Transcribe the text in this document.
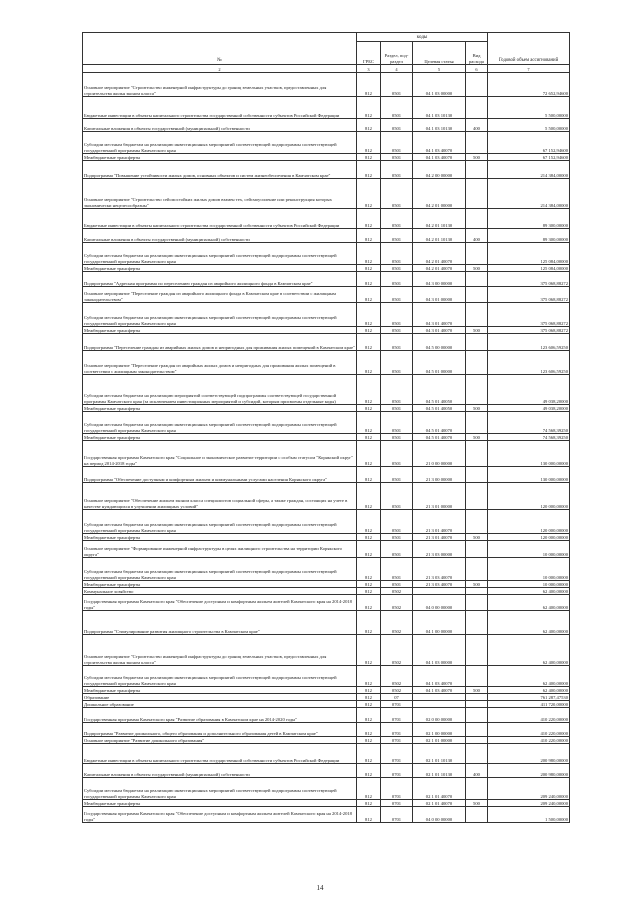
№	коды				Годовой объем ассигнований
	ГРБС	Раздел, под-
раздел	Целевая статья	Вид расхода	
2	3	4	5	6	7
Основное мероприятие "Строительство инженерной инфраструктуры до границ земельных участков, предоставленных для строительства жилья эконом класса"	812	0501	04 1 03 00000		72 652,94600
Бюджетные инвестиции в объекты капитального строительства государственной собственности субъектов Российской Федерации	812	0501	04 1 03 10130		5 500,00000
Капитальные вложения в объекты государственной (муниципальной) собственности	812	0501	04 1 03 10130	400	5 500,00000
Субсидии местным бюджетам на реализацию инвестиционных мероприятий соответствующей подпрограммы соответствующей государственной программы Камчатского края	812	0501	04 1 03 40070		67 152,94600
Межбюджетные трансферты	812	0501	04 1 03 40070	500	67 152,94600
Подпрограмма "Повышение устойчивости жилых домов, основных объектов и систем жизнеобеспечения в Камчатском крае"	812	0501	04 2 00 00000		214 384,00000
Основное мероприятие "Строительство сейсмостойких жилых домов взамен тех, сейсмоусиление или реконструкция которых экономически нецелесообразны"	812	0501	04 2 01 00000		214 384,00000
Бюджетные инвестиции в объекты капитального строительства государственной собственности субъектов Российской Федерации	812	0501	04 2 01 10130		89 300,00000
Капитальные вложения в объекты государственной (муниципальной) собственности	812	0501	04 2 01 10130	400	89 300,00000
Субсидии местным бюджетам на реализацию инвестиционных мероприятий соответствующей подпрограммы соответствующей государственной программы Камчатского края	812	0501	04 2 01 40070		125 084,00000
Межбюджетные трансферты	812	0501	04 2 01 40070	500	125 084,00000
Подпрограмма "Адресная программа по переселению граждан из аварийного жилищного фонда в Камчатском крае"	812	0501	04 3 00 00000		375 068,88272
Основное мероприятие "Переселение граждан из аварийного жилищного фонда в Камчатском крае в соответствии с жилищным законодательством"	812	0501	04 3 01 00000		375 068,88272
Субсидии местным бюджетам на реализацию инвестиционных мероприятий соответствующей подпрограммы соответствующей государственной программы Камчатского края	812	0501	04 3 01 40070		375 068,88272
Межбюджетные трансферты	812	0501	04 3 01 40070	500	375 068,88272
Подпрограмма "Переселение граждан из аварийных жилых домов и непригодных для проживания жилых помещений в Камчатском крае"	812	0501	04 5 00 00000		123 606,59250
Основное мероприятие "Переселение граждан из аварийных жилых домов и непригодных для проживания жилых помещений в соответствии с жилищным законодательством"	812	0501	04 5 01 00000		123 606,59250
Субсидии местным бюджетам на реализацию мероприятий соответствующей подпрограммы соответствующей государственной программы Камчатского края (за исключением инвестиционных мероприятий и субсидий, которым присвоены отдельные коды)	812	0501	04 5 01 40050		49 038,20000
Межбюджетные трансферты	812	0501	04 5 01 40050	500	49 038,20000
Субсидии местным бюджетам на реализацию инвестиционных мероприятий соответствующей подпрограммы соответствующей государственной программы Камчатского края	812	0501	04 5 01 40070		74 568,39250
Межбюджетные трансферты	812	0501	04 5 01 40070	500	74 568,39250
Государственная программа Камчатского края "Социальное и экономическое развитие территории с особым статусом "Корякский округ" на период 2014-2018 годы"	812	0501	21 0 00 00000		130 000,00000
Подпрограмма "Обеспечение доступным и комфортным жильем и коммунальными услугами населения Корякского округа"	812	0501	21 3 00 00000		130 000,00000
Основное мероприятие "Обеспечение жильем эконом класса специалистов социальной сферы, а также граждан, состоящих на учете в качестве нуждающихся в улучшении жилищных условий"	812	0501	21 3 01 00000		120 000,00000
Субсидии местным бюджетам на реализацию инвестиционных мероприятий соответствующей подпрограммы соответствующей государственной программы Камчатского края	812	0501	21 3 01 40070		120 000,00000
Межбюджетные трансферты	812	0501	21 3 01 40070	500	120 000,00000
Основное мероприятие "Формирование инженерной инфраструктуры в целях жилищного строительства на территории Корякского округа"	812	0501	21 3 03 00000		10 000,00000
Субсидии местным бюджетам на реализацию инвестиционных мероприятий соответствующей подпрограммы соответствующей государственной программы Камчатского края	812	0501	21 3 03 40070		10 000,00000
Межбюджетные трансферты	812	0501	21 3 03 40070	500	10 000,00000
Коммунальное хозяйство	812	0502			62 400,00000
Государственная программа Камчатского края "Обеспечение доступным и комфортным жильем жителей Камчатского края на 2014-2018 годы"	812	0502	04 0 00 00000		62 400,00000
Подпрограмма "Стимулирование развития жилищного строительства в Камчатском крае"	812	0502	04 1 00 00000		62 400,00000
Основное мероприятие "Строительство инженерной инфраструктуры до границ земельных участков, предоставленных для строительства жилья эконом класса"	812	0502	04 1 03 00000		62 400,00000
Субсидии местным бюджетам на реализацию инвестиционных мероприятий соответствующей подпрограммы соответствующей государственной программы Камчатского края	812	0502	04 1 03 40070		62 400,00000
Межбюджетные трансферты	812	0502	04 1 03 40070	500	62 400,00000
Образование	812	07			761 287,47530
Дошкольное образование	812	0701			411 720,00000
Государственная программа Камчатского края "Развитие образования в Камчатском крае на 2014-2020 годы"	812	0701	02 0 00 00000		410 220,00000
Подпрограмма "Развитие дошкольного, общего образования и дополнительного образования детей в Камчатском крае"	812	0701	02 1 00 00000		410 220,00000
Основное мероприятие "Развитие дошкольного образования"	812	0701	02 1 01 00000		410 220,00000
Бюджетные инвестиции в объекты капитального строительства государственной собственности субъектов Российской Федерации	812	0701	02 1 01 10130		200 980,00000
Капитальные вложения в объекты государственной (муниципальной) собственности	812	0701	02 1 01 10130	400	200 980,00000
Субсидии местным бюджетам на реализацию инвестиционных мероприятий соответствующей подпрограммы соответствующей государственной программы Камчатского края	812	0701	02 1 01 40070		209 240,00000
Межбюджетные трансферты	812	0701	02 1 01 40070	500	209 240,00000
Государственная программа Камчатского края "Обеспечение доступным и комфортным жильем жителей Камчатского края на 2014-2018 годы"	812	0701	04 0 00 00000		1 500,00000
14
